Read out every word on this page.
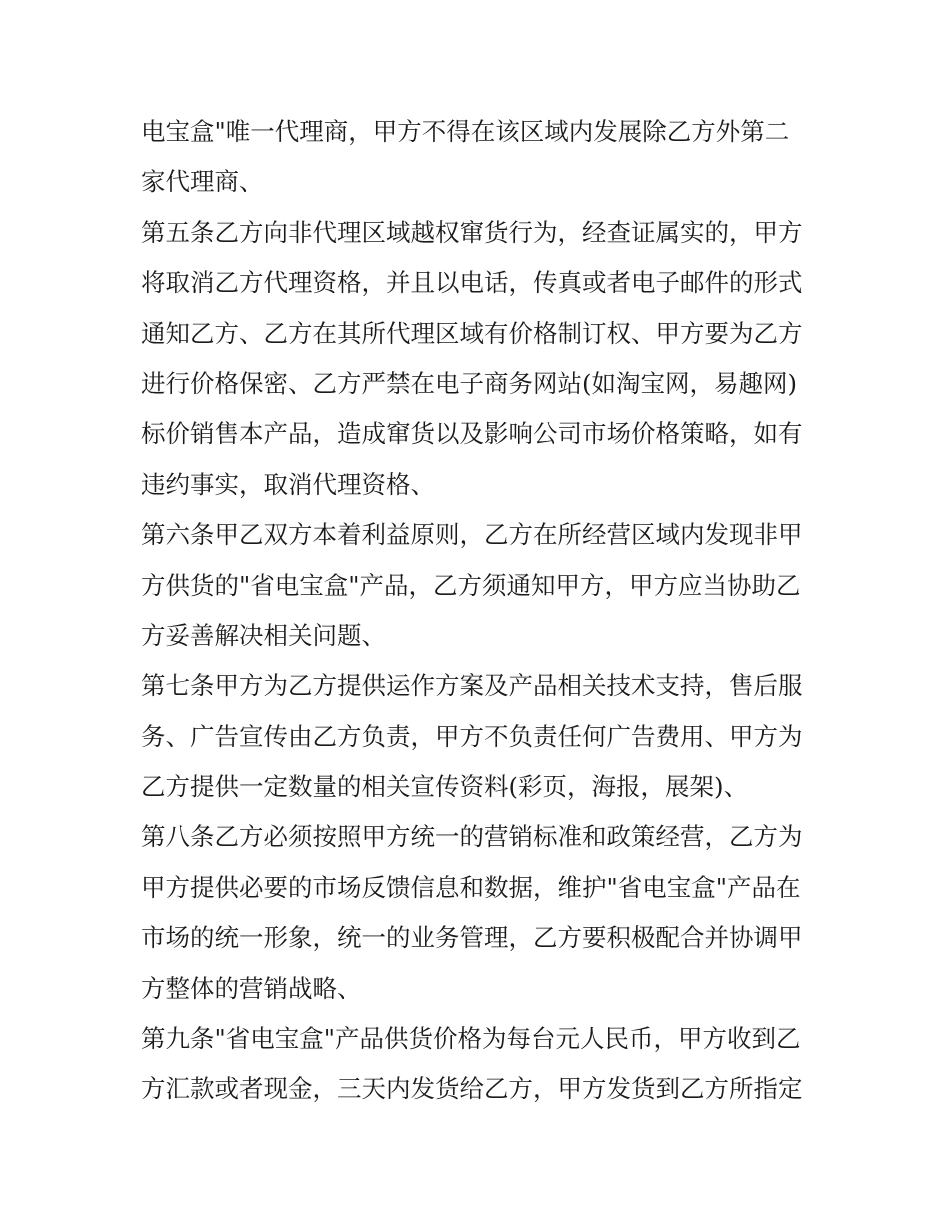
电宝盒"唯一代理商，甲方不得在该区域内发展除乙方外第二
家代理商、
第五条乙方向非代理区域越权窜货行为，经查证属实的，甲方
将取消乙方代理资格，并且以电话，传真或者电子邮件的形式
通知乙方、乙方在其所代理区域有价格制订权、甲方要为乙方
进行价格保密、乙方严禁在电子商务网站(如淘宝网，易趣网)
标价销售本产品，造成窜货以及影响公司市场价格策略，如有
违约事实，取消代理资格、
第六条甲乙双方本着利益原则，乙方在所经营区域内发现非甲
方供货的"省电宝盒"产品，乙方须通知甲方，甲方应当协助乙
方妥善解决相关问题、
第七条甲方为乙方提供运作方案及产品相关技术支持，售后服
务、广告宣传由乙方负责，甲方不负责任何广告费用、甲方为
乙方提供一定数量的相关宣传资料(彩页，海报，展架)、
第八条乙方必须按照甲方统一的营销标准和政策经营，乙方为
甲方提供必要的市场反馈信息和数据，维护"省电宝盒"产品在
市场的统一形象，统一的业务管理，乙方要积极配合并协调甲
方整体的营销战略、
第九条"省电宝盒"产品供货价格为每台元人民币，甲方收到乙
方汇款或者现金，三天内发货给乙方，甲方发货到乙方所指定
